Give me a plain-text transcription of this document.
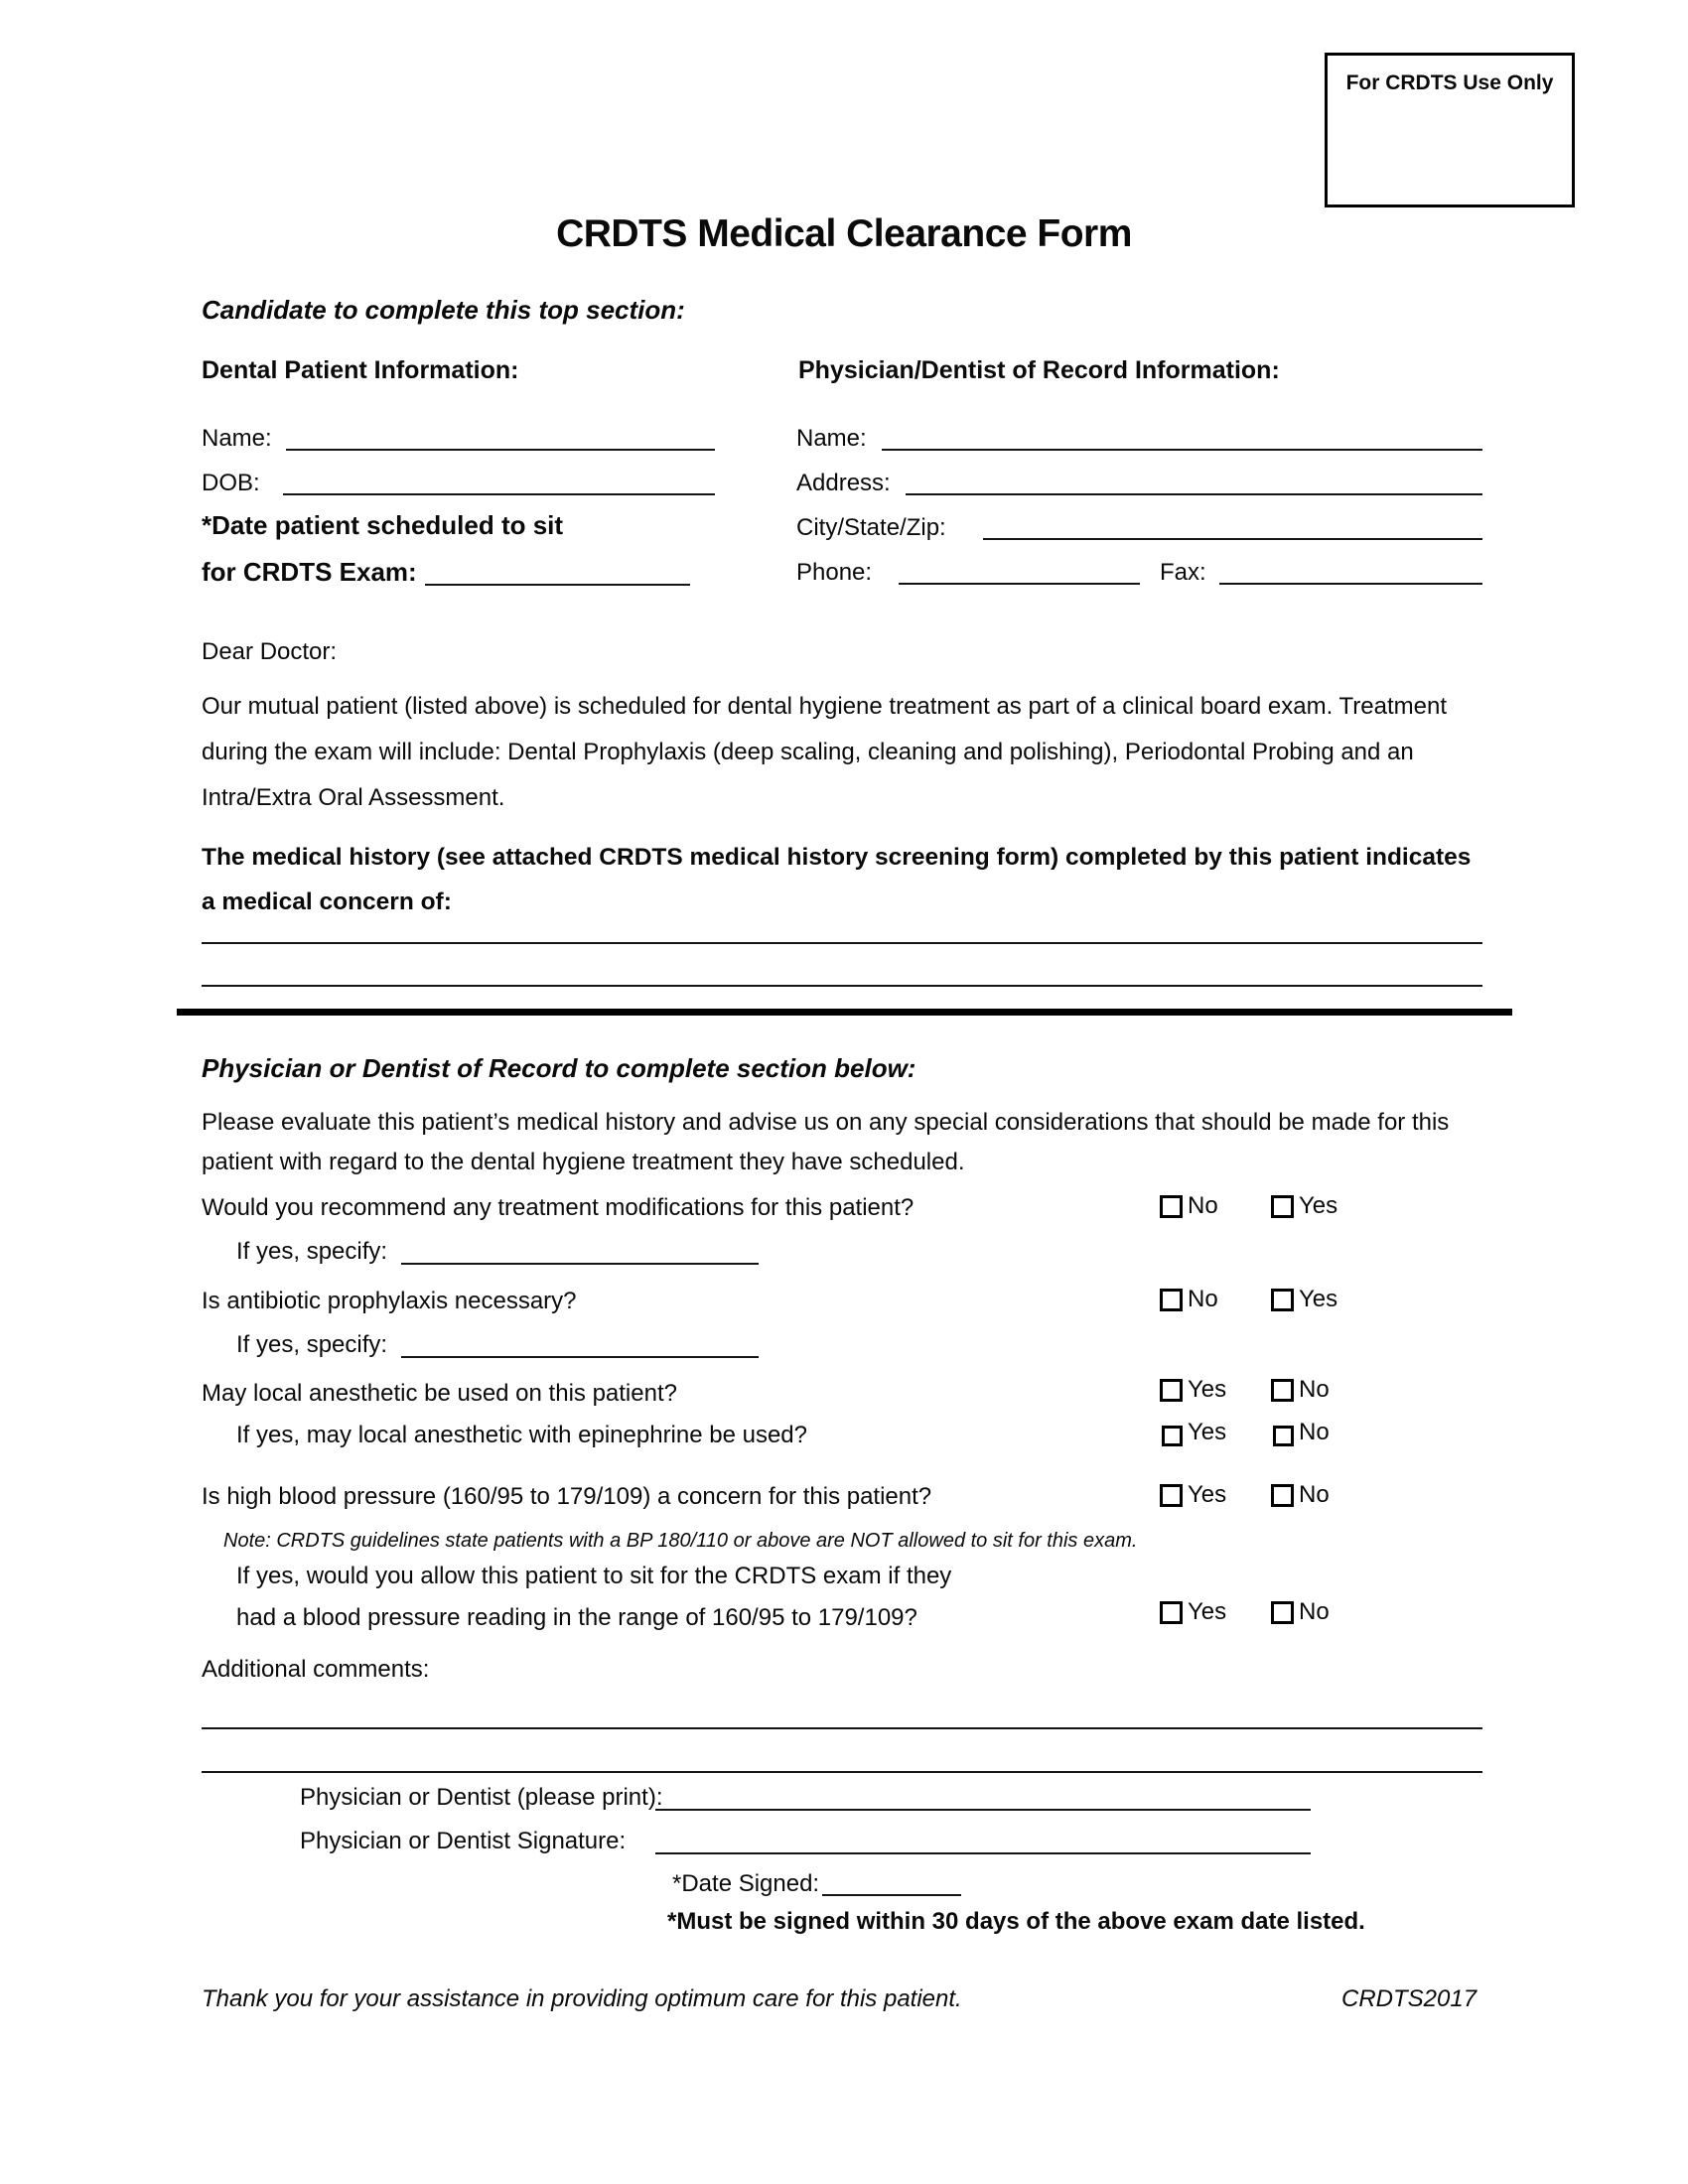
For CRDTS Use Only
CRDTS Medical Clearance Form
Candidate to complete this top section:
Dental Patient Information:	Physician/Dentist of Record Information:
Name:
DOB:
*Date patient scheduled to sit
for CRDTS Exam:
Name:
Address:
City/State/Zip:
Phone:	Fax:
Dear Doctor:
Our mutual patient (listed above) is scheduled for dental hygiene treatment as part of a clinical board exam. Treatment during the exam will include: Dental Prophylaxis (deep scaling, cleaning and polishing), Periodontal Probing and an Intra/Extra Oral Assessment.
The medical history (see attached CRDTS medical history screening form) completed by this patient indicates a medical concern of:
Physician or Dentist of Record to complete section below:
Please evaluate this patient’s medical history and advise us on any special considerations that should be made for this patient with regard to the dental hygiene treatment they have scheduled.
Would you recommend any treatment modifications for this patient?	No	Yes
If yes, specify:
Is antibiotic prophylaxis necessary?	No	Yes
If yes, specify:
May local anesthetic be used on this patient?	Yes	No
If yes, may local anesthetic with epinephrine be used?	Yes	No
Is high blood pressure (160/95 to 179/109) a concern for this patient?	Yes	No
Note: CRDTS guidelines state patients with a BP 180/110 or above are NOT allowed to sit for this exam.
If yes, would you allow this patient to sit for the CRDTS exam if they
had a blood pressure reading in the range of 160/95 to 179/109?	Yes	No
Additional comments:
Physician or Dentist (please print):
Physician or Dentist Signature:
*Date Signed:
*Must be signed within 30 days of the above exam date listed.
Thank you for your assistance in providing optimum care for this patient.	CRDTS2017
